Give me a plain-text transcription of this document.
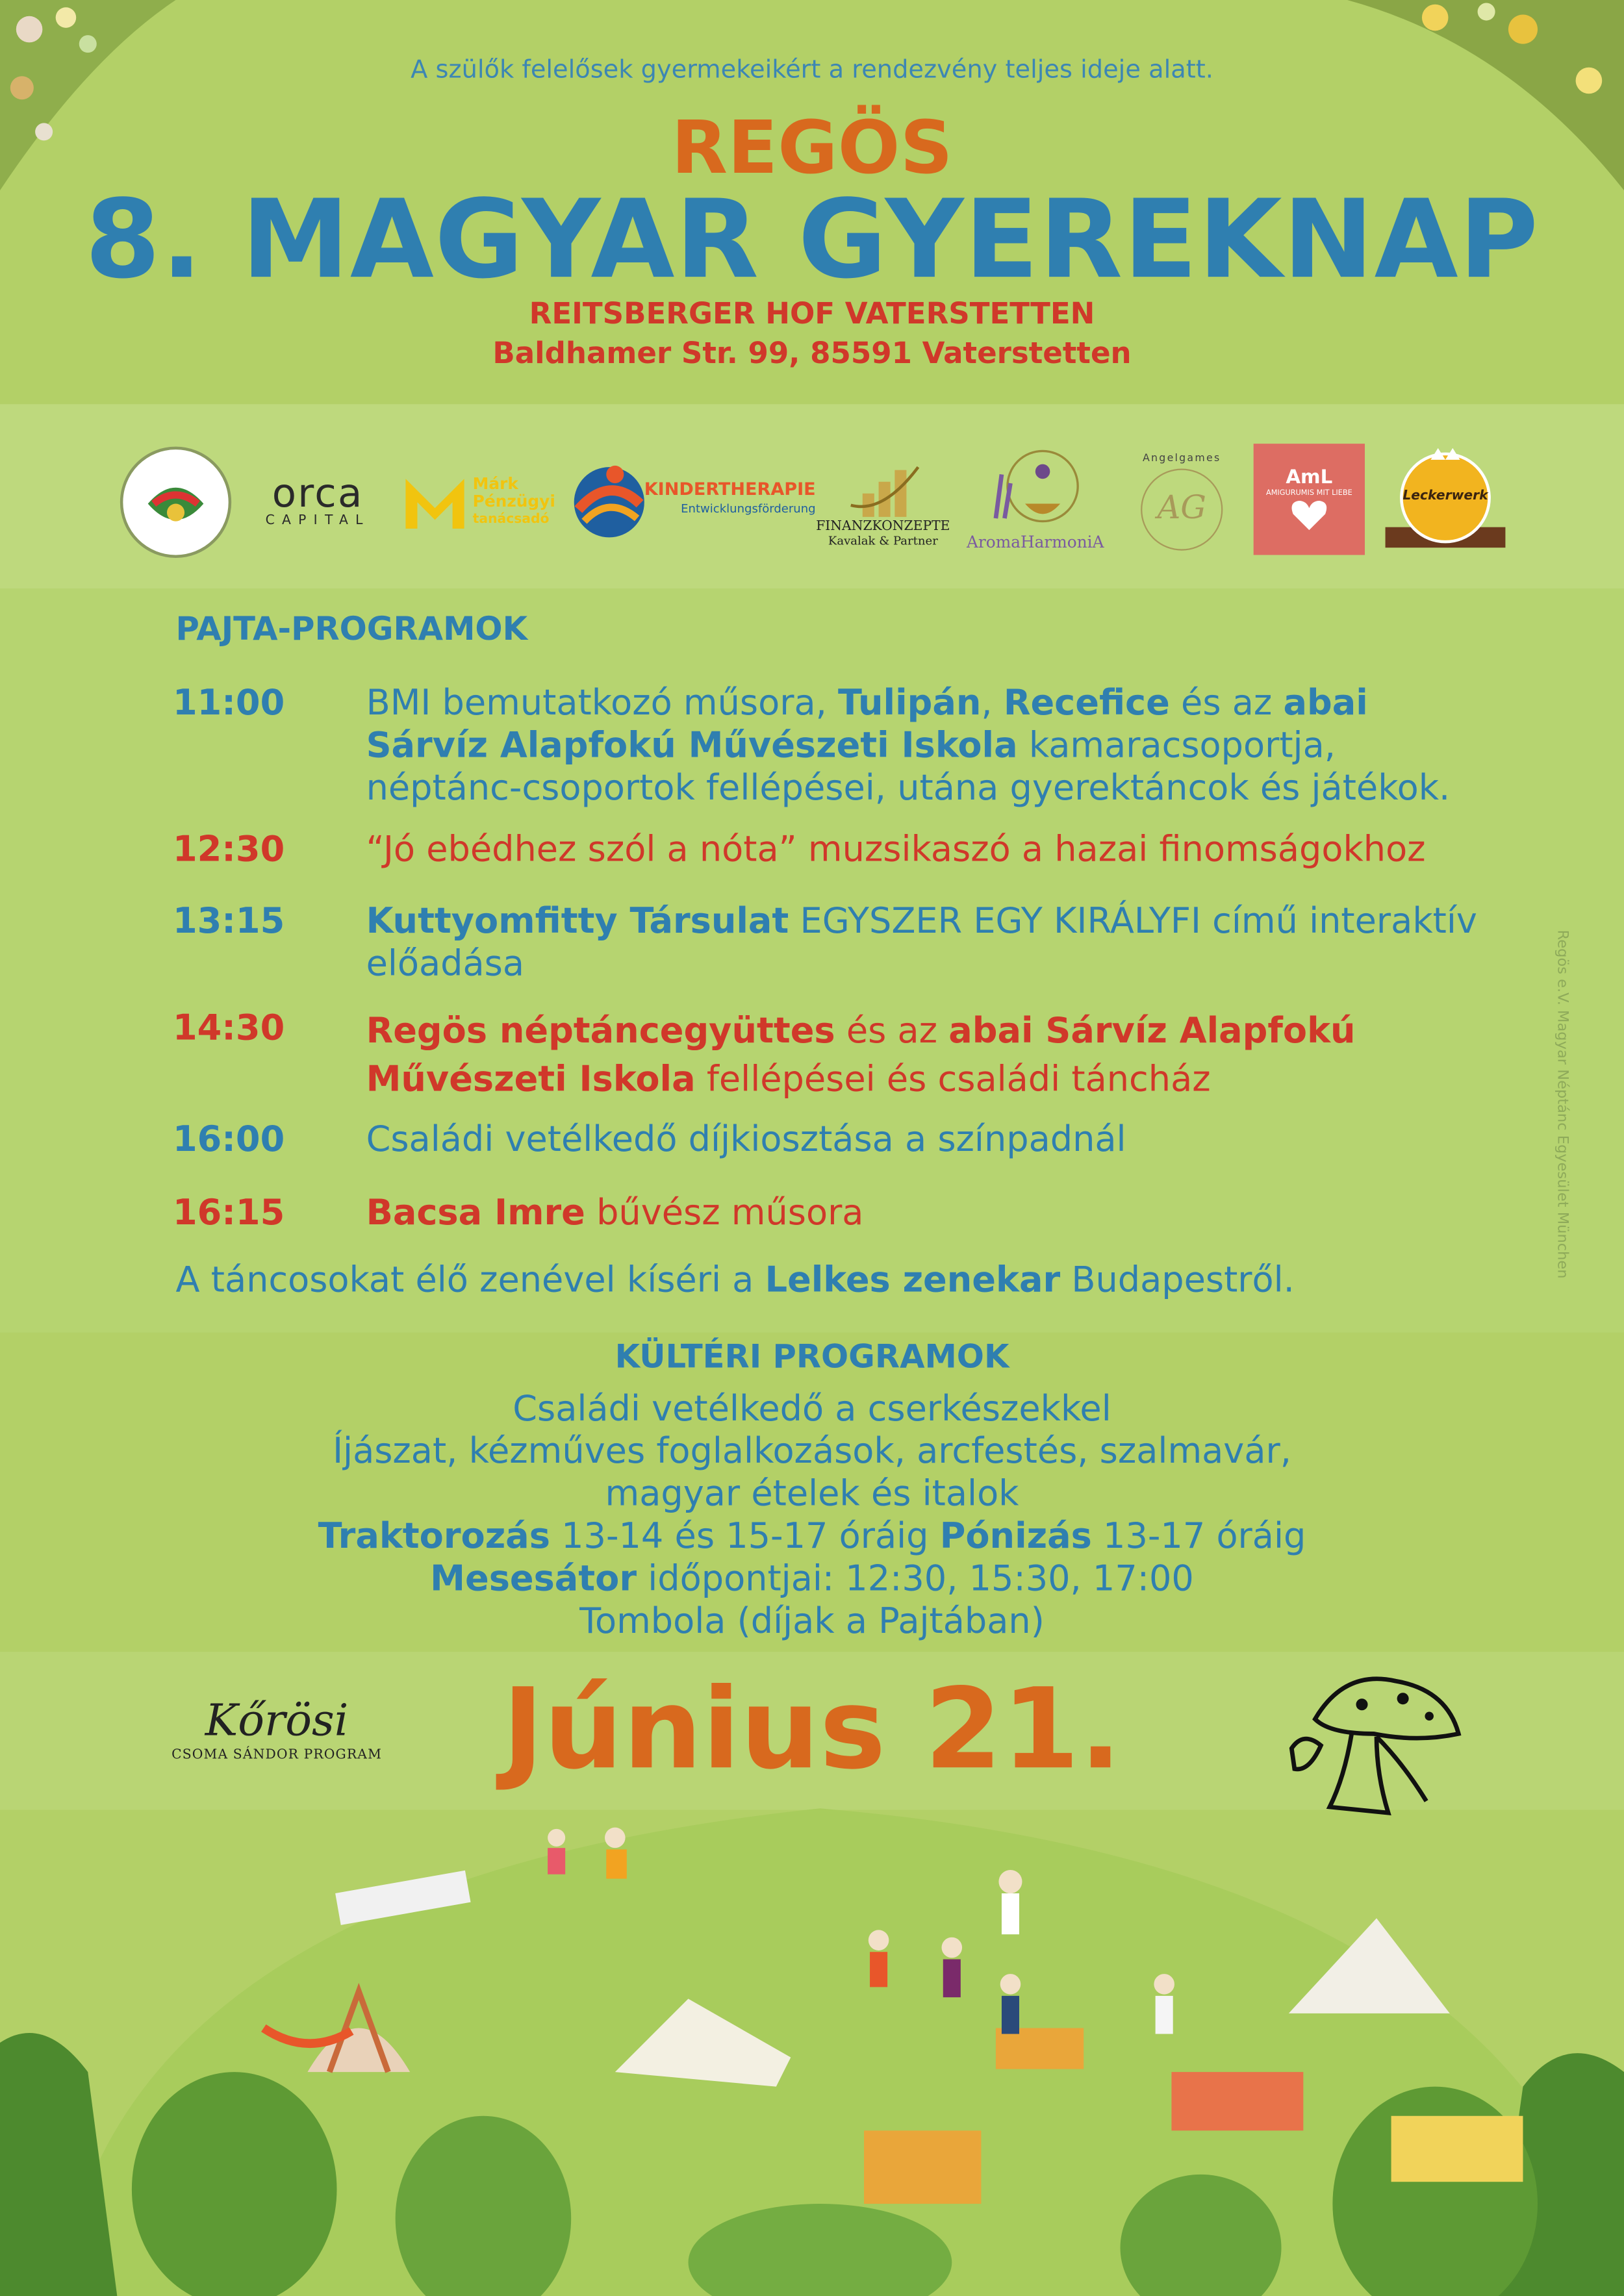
A szülők felelősek gyermekeikért a rendezvény teljes ideje alatt.
REGÖS
8. MAGYAR GYEREKNAP
REITSBERGER HOF VATERSTETTEN
Baldhamer Str. 99, 85591 Vaterstetten
orca
CAPITAL
Márk
Pénzügyi
tanácsadó
KINDERTHERAPIE
Entwicklungsförderung
FINANZKONZEPTE
Kavalak & Partner	AromaHarmoniA
Angelgames
AG
AmL
AMIGURUMIS MIT LIEBE	Leckerwerk
PAJTA-PROGRAMOK
11:00	BMI bemutatkozó műsora, Tulipán, Recefice és az abai Sárvíz Alapfokú Művészeti Iskola kamaracsoportja, néptánc-csoportok fellépései, utána gyerektáncok és játékok.
12:30	“Jó ebédhez szól a nóta” muzsikaszó a hazai finomságokhoz
13:15	Kuttyomfitty Társulat EGYSZER EGY KIRÁLYFI című interaktív előadása
14:30	Regös néptáncegyüttes és az abai Sárvíz Alapfokú Művészeti Iskola fellépései és családi táncház
16:00	Családi vetélkedő díjkiosztása a színpadnál
16:15	Bacsa Imre bűvész műsora
A táncosokat élő zenével kíséri a Lelkes zenekar Budapestről.
KÜLTÉRI PROGRAMOK
Családi vetélkedő a cserkészekkel
Íjászat, kézműves foglalkozások, arcfestés, szalmavár,
magyar ételek és italok
Traktorozás 13-14 és 15-17 óráig Pónizás 13-17 óráig
Mesesátor időpontjai: 12:30, 15:30, 17:00
Tombola (díjak a Pajtában)
Regös e.V. Magyar Néptánc Egyesület München
Június 21.
Kőrösi
CSOMA SÁNDOR PROGRAM
